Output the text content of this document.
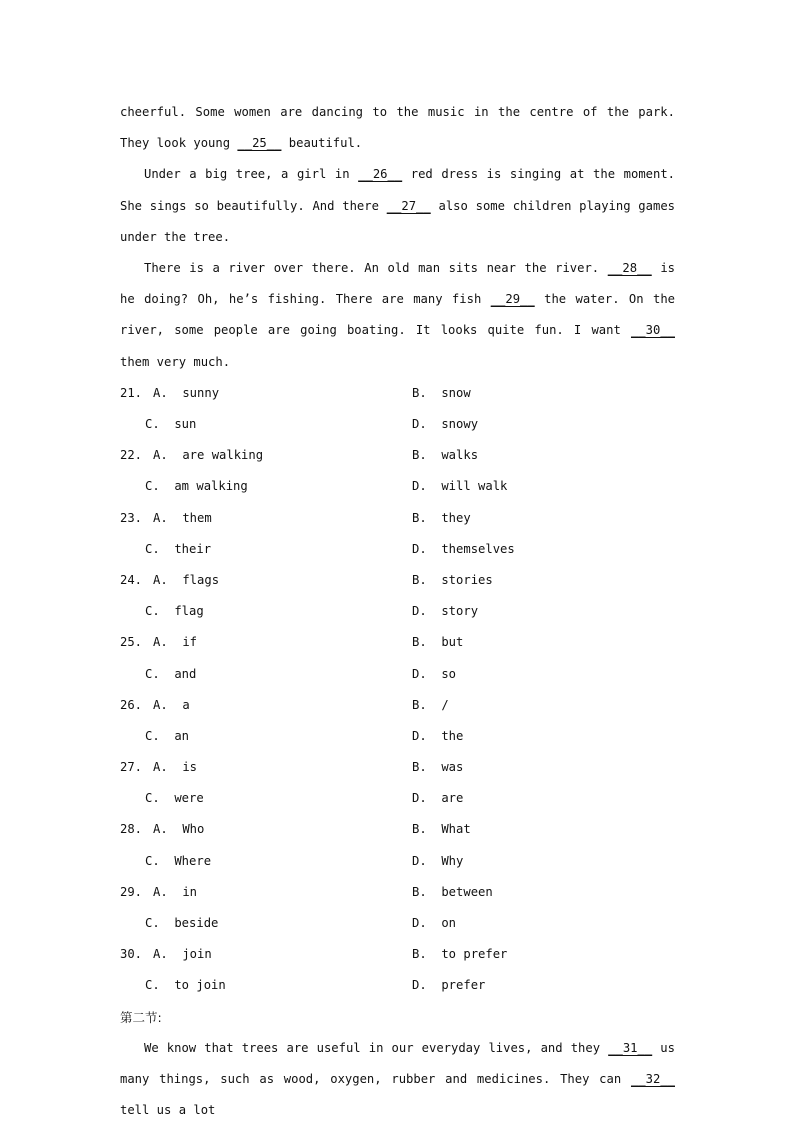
cheerful. Some women are dancing to the music in the centre of the park. They look young __25__ beautiful.

Under a big tree, a girl in __26__ red dress is singing at the moment. She sings so beautifully. And there __27__ also some children playing games under the tree.

There is a river over there. An old man sits near the river. __28__ is he doing? Oh, he’s fishing. There are many fish __29__ the water. On the river, some people are going boating. It looks quite fun. I want __30__ them very much.

21. A.  sunny	B.  snow
C.  sun	D.  snowy
22. A.  are walking	B.  walks
C.  am walking	D.  will walk
23. A.  them	B.  they
C.  their	D.  themselves
24. A.  flags	B.  stories
C.  flag	D.  story
25. A.  if	B.  but
C.  and	D.  so
26. A.  a	B.  /
C.  an	D.  the
27. A.  is	B.  was
C.  were	D.  are
28. A.  Who	B.  What
C.  Where	D.  Why
29. A.  in	B.  between
C.  beside	D.  on
30. A.  join	B.  to prefer
C.  to join	D.  prefer

第二节:

We know that trees are useful in our everyday lives, and they __31__ us many things, such as wood, oxygen, rubber and medicines. They can __32__ tell us a lot
